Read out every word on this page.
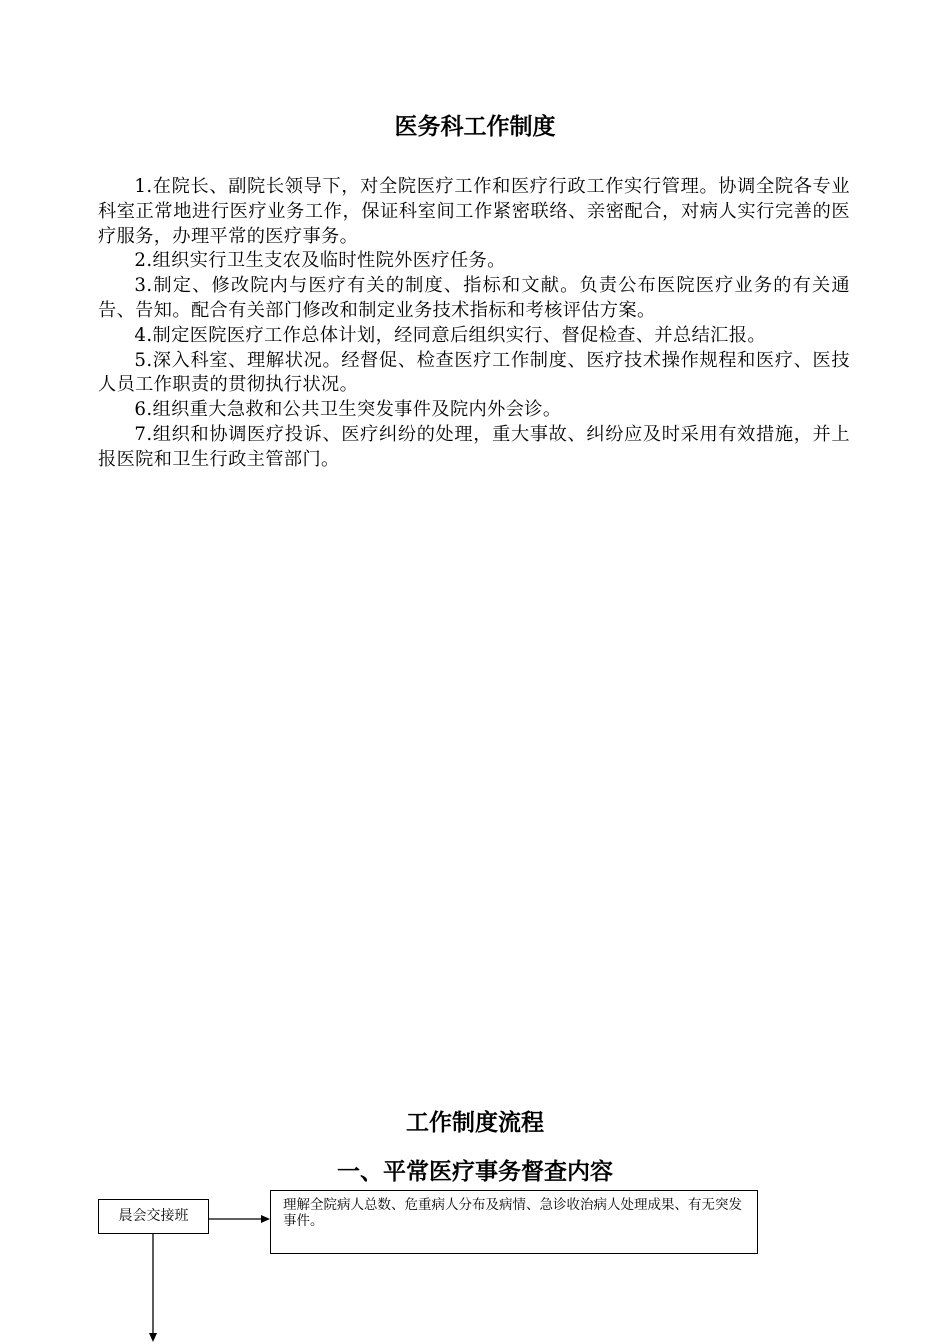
医务科工作制度

1.在院长、副院长领导下，对全院医疗工作和医疗行政工作实行管理。协调全院各专业科室正常地进行医疗业务工作，保证科室间工作紧密联络、亲密配合，对病人实行完善的医疗服务，办理平常的医疗事务。

2.组织实行卫生支农及临时性院外医疗任务。

3.制定、修改院内与医疗有关的制度、指标和文献。负责公布医院医疗业务的有关通告、告知。配合有关部门修改和制定业务技术指标和考核评估方案。

4.制定医院医疗工作总体计划，经同意后组织实行、督促检查、并总结汇报。

5.深入科室、理解状况。经督促、检查医疗工作制度、医疗技术操作规程和医疗、医技人员工作职责的贯彻执行状况。

6.组织重大急救和公共卫生突发事件及院内外会诊。

7.组织和协调医疗投诉、医疗纠纷的处理，重大事故、纠纷应及时采用有效措施，并上报医院和卫生行政主管部门。

工作制度流程
一、平常医疗事务督查内容
晨会交接班
理解全院病人总数、危重病人分布及病情、急诊收治病人处理成果、有无突发事件。
